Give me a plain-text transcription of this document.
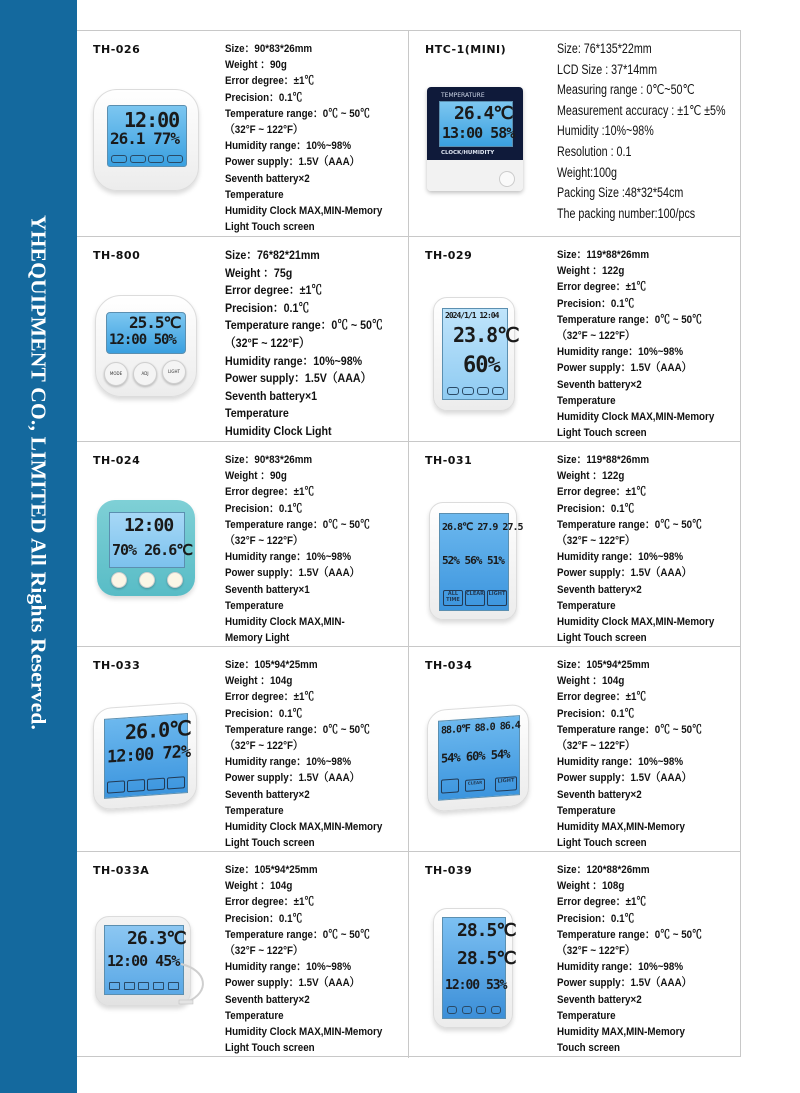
YHEQUIPMENT CO., LIMITED All Rights Reserved.
TH-026
12:00
26.1 77%
Size：90*83*26mm
Weight ：90g
Error degree：±1℃
Precision：0.1℃
Temperature range：0℃ ~ 50℃
（32°F ~ 122°F）
Humidity range：10%~98%
Power supply：1.5V（AAA）
Seventh battery×2
Temperature
Humidity Clock MAX,MIN-Memory
Light Touch screen
HTC-1(MINI)
TEMPERATURE
26.4℃
13:00 58%
CLOCK/HUMIDITY
Size: 76*135*22mm
LCD Size : 37*14mm
Measuring range : 0℃~50℃
Measurement accuracy : ±1℃ ±5%
Humidity :10%~98%
Resolution : 0.1
Weight:100g
Packing Size :48*32*54cm
The packing number:100/pcs
TH-800
25.5℃
12:00 50%
MODE	ADJ	LIGHT
Size：76*82*21mm
Weight ：75g
Error degree：±1℃
Precision：0.1℃
Temperature range：0℃ ~ 50℃
（32°F ~ 122°F）
Humidity range：10%~98%
Power supply：1.5V（AAA）
Seventh battery×1
Temperature
Humidity Clock Light
TH-029
2024/1/1 12:04
23.8℃
60%
Size：119*88*26mm
Weight ：122g
Error degree：±1℃
Precision：0.1℃
Temperature range：0℃ ~ 50℃
（32°F ~ 122°F）
Humidity range：10%~98%
Power supply：1.5V（AAA）
Seventh battery×2
Temperature
Humidity Clock MAX,MIN-Memory
Light Touch screen
TH-024
12:00
70% 26.6℃
Size：90*83*26mm
Weight ：90g
Error degree：±1℃
Precision：0.1℃
Temperature range：0℃ ~ 50℃
（32°F ~ 122°F）
Humidity range：10%~98%
Power supply：1.5V（AAA）
Seventh battery×1
Temperature
Humidity Clock MAX,MIN-
Memory Light
TH-031
26.8℃ 27.9 27.5
52% 56% 51%
ALL TIME
CLEAR LIGHT
Size：119*88*26mm
Weight ：122g
Error degree：±1℃
Precision：0.1℃
Temperature range：0℃ ~ 50℃
（32°F ~ 122°F）
Humidity range：10%~98%
Power supply：1.5V（AAA）
Seventh battery×2
Temperature
Humidity Clock MAX,MIN-Memory
Light Touch screen
TH-033
26.0℃
12:00 72%
Size：105*94*25mm
Weight ：104g
Error degree：±1℃
Precision：0.1℃
Temperature range：0℃ ~ 50℃
（32°F ~ 122°F）
Humidity range：10%~98%
Power supply：1.5V（AAA）
Seventh battery×2
Temperature
Humidity Clock MAX,MIN-Memory
Light Touch screen
TH-034
88.0℉ 88.0 86.4
54% 60% 54%
CLEAR	LIGHT
Size：105*94*25mm
Weight ：104g
Error degree：±1℃
Precision：0.1℃
Temperature range：0℃ ~ 50℃
（32°F ~ 122°F）
Humidity range：10%~98%
Power supply：1.5V（AAA）
Seventh battery×2
Temperature
Humidity MAX,MIN-Memory
Light Touch screen
TH-033A
26.3℃
12:00 45%
Size：105*94*25mm
Weight ：104g
Error degree：±1℃
Precision：0.1℃
Temperature range：0℃ ~ 50℃
（32°F ~ 122°F）
Humidity range：10%~98%
Power supply：1.5V（AAA）
Seventh battery×2
Temperature
Humidity Clock MAX,MIN-Memory
Light Touch screen
TH-039
28.5℃
28.5℃
12:00 53%
Size：120*88*26mm
Weight ：108g
Error degree：±1℃
Precision：0.1℃
Temperature range：0℃ ~ 50℃
（32°F ~ 122°F）
Humidity range：10%~98%
Power supply：1.5V（AAA）
Seventh battery×2
Temperature
Humidity MAX,MIN-Memory
Touch screen
